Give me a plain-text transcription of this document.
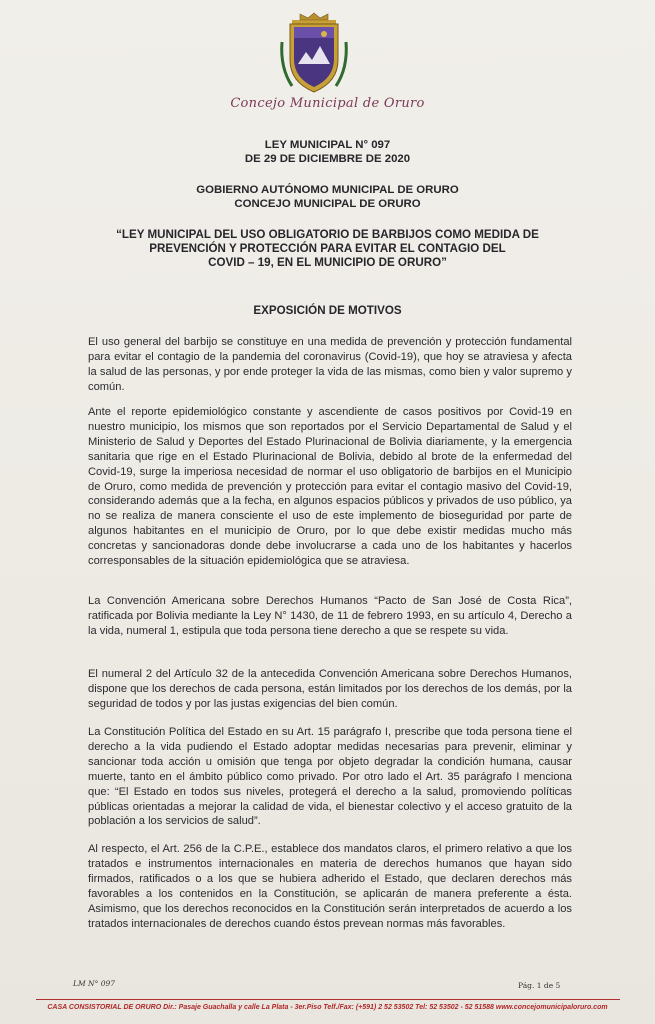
Concejo Municipal de Oruro
LEY MUNICIPAL N° 097
DE 29 DE DICIEMBRE DE 2020
GOBIERNO AUTÓNOMO MUNICIPAL DE ORURO
CONCEJO MUNICIPAL DE ORURO
“LEY MUNICIPAL DEL USO OBLIGATORIO DE BARBIJOS COMO MEDIDA DE
PREVENCIÓN Y PROTECCIÓN PARA EVITAR EL CONTAGIO DEL
COVID – 19, EN EL MUNICIPIO DE ORURO”
EXPOSICIÓN DE MOTIVOS

El uso general del barbijo se constituye en una medida de prevención y protección fundamental para evitar el contagio de la pandemia del coronavirus (Covid-19), que hoy se atraviesa y afecta la salud de las personas, y por ende proteger la vida de las mismas, como bien y valor supremo y común.

Ante el reporte epidemiológico constante y ascendiente de casos positivos por Covid-19 en nuestro municipio, los mismos que son reportados por el Servicio Departamental de Salud y el Ministerio de Salud y Deportes del Estado Plurinacional de Bolivia diariamente, y la emergencia sanitaria que rige en el Estado Plurinacional de Bolivia, debido al brote de la enfermedad del Covid-19, surge la imperiosa necesidad de normar el uso obligatorio de barbijos en el Municipio de Oruro, como medida de prevención y protección para evitar el contagio masivo del Covid-19, considerando además que a la fecha, en algunos espacios públicos y privados de uso público, ya no se realiza de manera consciente el uso de este implemento de bioseguridad por parte de algunos habitantes en el municipio de Oruro, por lo que debe existir medidas mucho más concretas y sancionadoras donde debe involucrarse a cada uno de los habitantes y hacerlos corresponsables de la situación epidemiológica que se atraviesa.

La Convención Americana sobre Derechos Humanos “Pacto de San José de Costa Rica”, ratificada por Bolivia mediante la Ley N° 1430, de 11 de febrero 1993, en su artículo 4, Derecho a la vida, numeral 1, estipula que toda persona tiene derecho a que se respete su vida.

El numeral 2 del Artículo 32 de la antecedida Convención Americana sobre Derechos Humanos, dispone que los derechos de cada persona, están limitados por los derechos de los demás, por la seguridad de todos y por las justas exigencias del bien común.

La Constitución Política del Estado en su Art. 15 parágrafo I, prescribe que toda persona tiene el derecho a la vida pudiendo el Estado adoptar medidas necesarias para prevenir, eliminar y sancionar toda acción u omisión que tenga por objeto degradar la condición humana, causar muerte, tanto en el ámbito público como privado. Por otro lado el Art. 35 parágrafo I menciona que: “El Estado en todos sus niveles, protegerá el derecho a la salud, promoviendo políticas públicas orientadas a mejorar la calidad de vida, el bienestar colectivo y el acceso gratuito de la población a los servicios de salud”.

Al respecto, el Art. 256 de la C.P.E., establece dos mandatos claros, el primero relativo a que los tratados e instrumentos internacionales en materia de derechos humanos que hayan sido firmados, ratificados o a los que se hubiera adherido el Estado, que declaren derechos más favorables a los contenidos en la Constitución, se aplicarán de manera preferente a ésta. Asimismo, que los derechos reconocidos en la Constitución serán interpretados de acuerdo a los tratados internacionales de derechos cuando éstos prevean normas más favorables.

LM N° 097	Pág. 1 de 5
CASA CONSISTORIAL DE ORURO Dir.: Pasaje Guachalla y calle La Plata - 3er.Piso Telf./Fax: (+591) 2 52 53502 Tel: 52 53502 - 52 51588 www.concejomunicipaloruro.com
